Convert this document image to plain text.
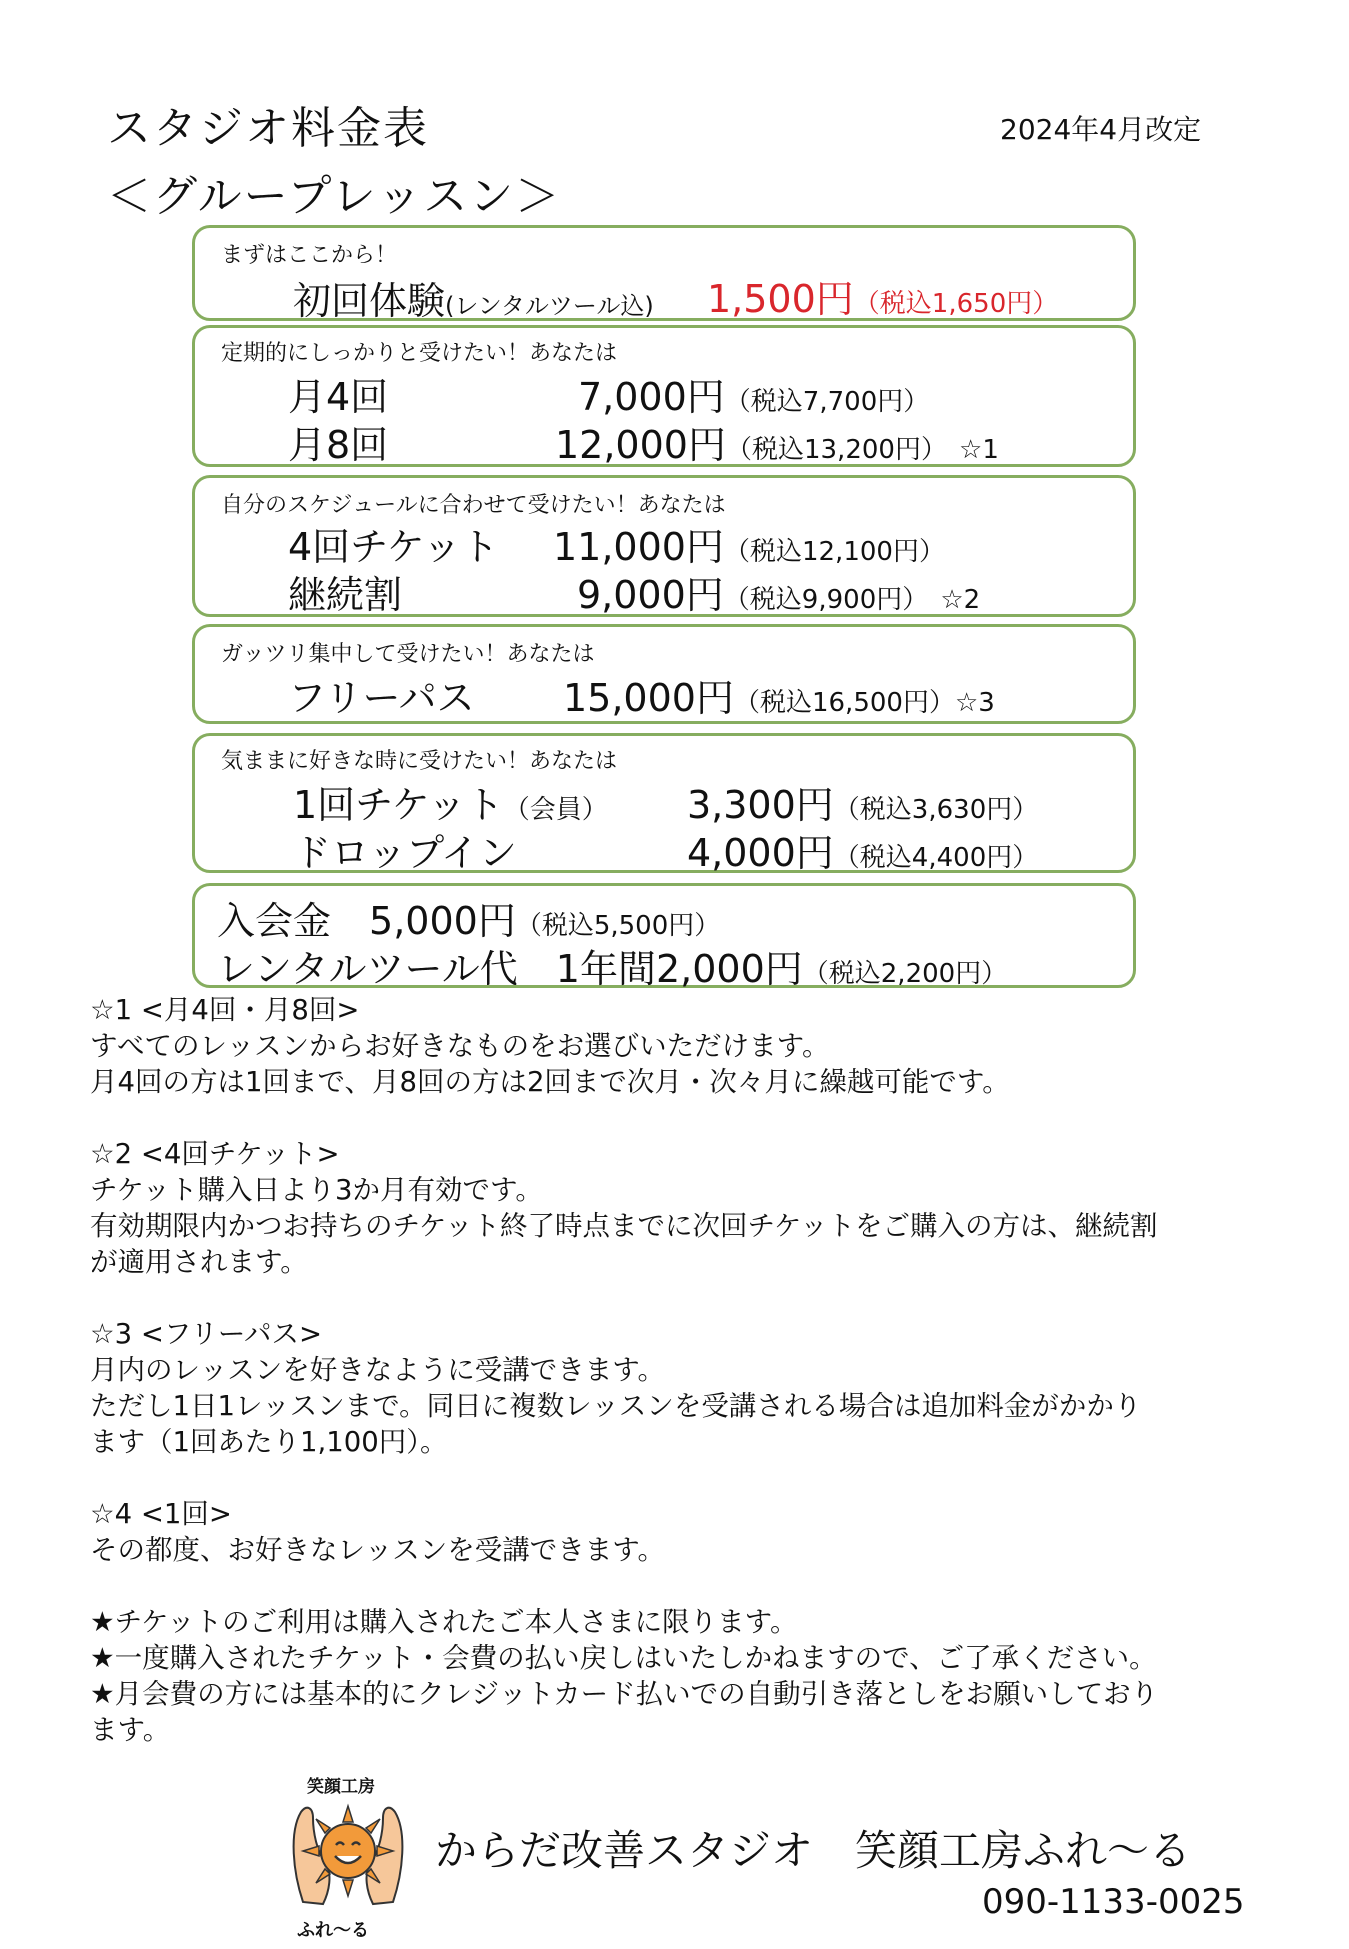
スタジオ料金表
＜グループレッスン＞
2024年4月改定
まずはここから！
初回体験(レンタルツール込) 1,500円（税込1,650円）
定期的にしっかりと受けたい！あなたは
月4回	7,000円（税込7,700円）
月8回	12,000円（税込13,200円） ☆1
自分のスケジュールに合わせて受けたい！あなたは
4回チケット 11,000円（税込12,100円）
継続割	9,000円（税込9,900円） ☆2
ガッツリ集中して受けたい！あなたは
フリーパス 15,000円（税込16,500円）☆3
気ままに好きな時に受けたい！あなたは
1回チケット（会員） 3,300円（税込3,630円）
ドロップイン	4,000円（税込4,400円）
入会金　 5,000円（税込5,500円）
レンタルツール代　 1年間2,000円（税込2,200円）
☆1 <月4回・月8回>
すべてのレッスンからお好きなものをお選びいただけます。
月4回の方は1回まで、月8回の方は2回まで次月・次々月に繰越可能です。
☆2 <4回チケット>
チケット購入日より3か月有効です。
有効期限内かつお持ちのチケット終了時点までに次回チケットをご購入の方は、継続割
が適用されます。
☆3 <フリーパス>
月内のレッスンを好きなように受講できます。
ただし1日1レッスンまで。同日に複数レッスンを受講される場合は追加料金がかかり
ます（1回あたり1,100円）。
☆4 <1回>
その都度、お好きなレッスンを受講できます。
★チケットのご利用は購入されたご本人さまに限ります。
★一度購入されたチケット・会費の払い戻しはいたしかねますので、ご了承ください。
★月会費の方には基本的にクレジットカード払いでの自動引き落としをお願いしており
ます。
笑顔工房
ふれ〜る
からだ改善スタジオ　笑顔工房ふれ〜る
090-1133-0025
